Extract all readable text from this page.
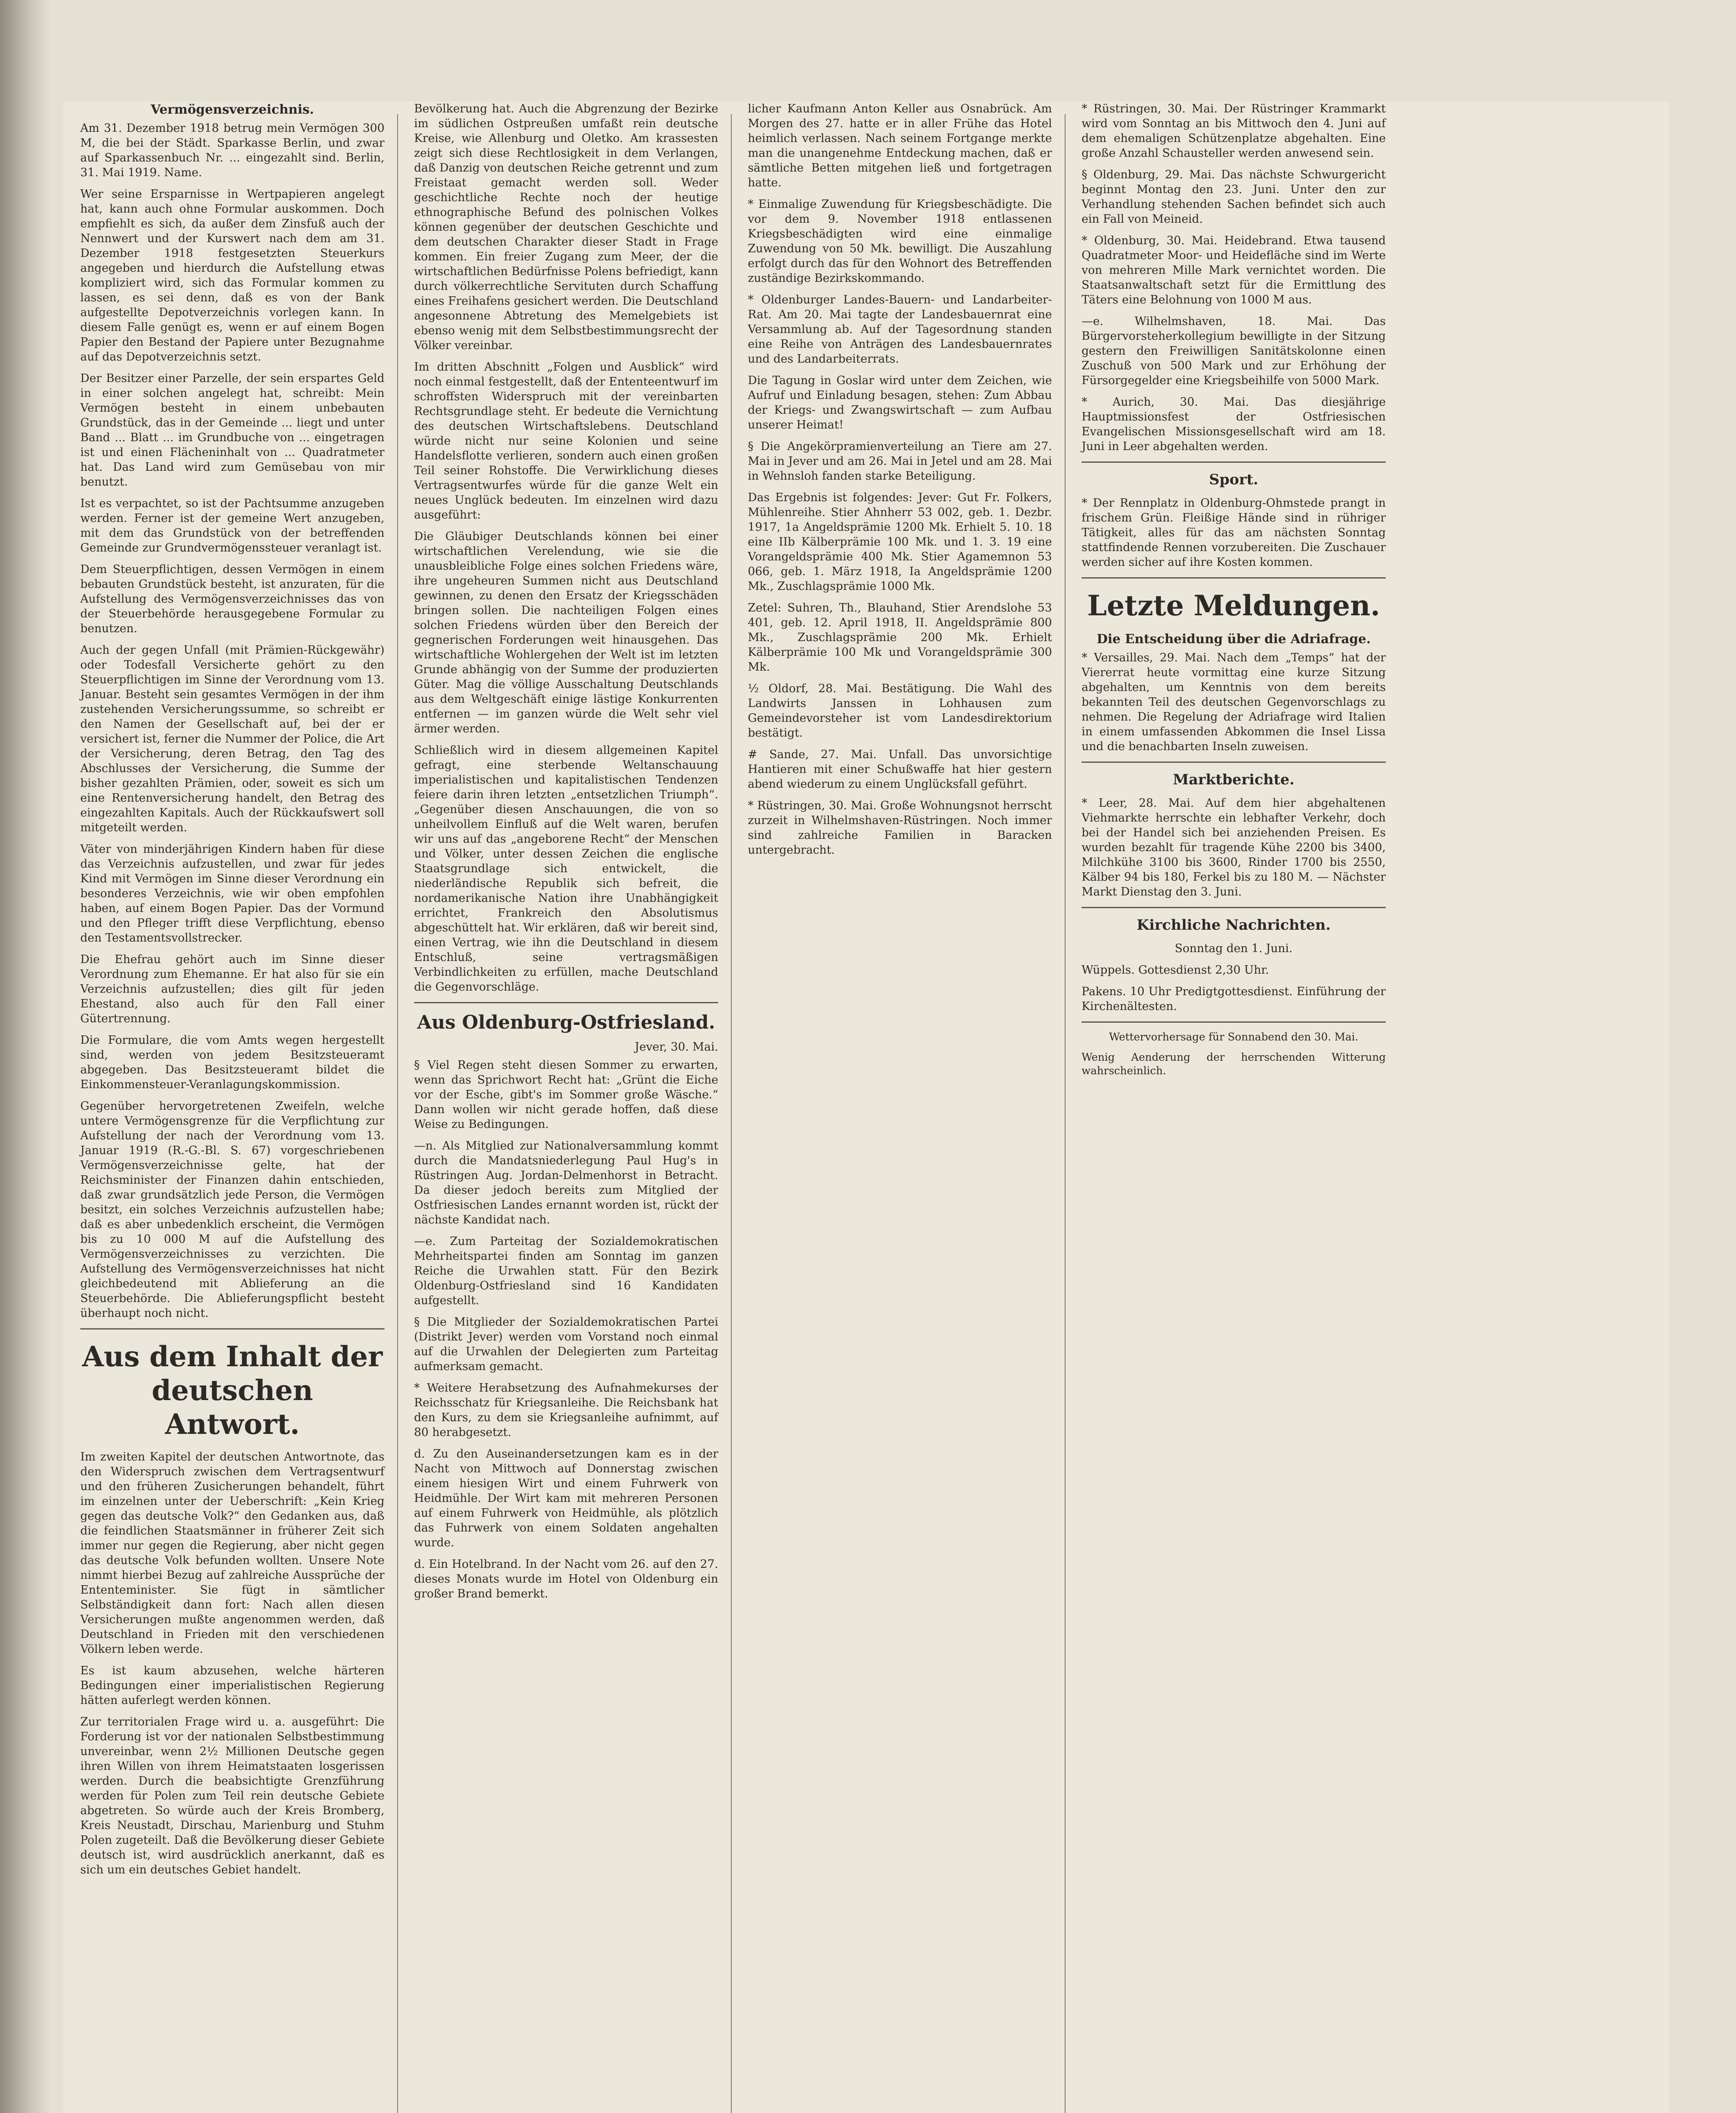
Vermögensverzeichnis.

Am 31. Dezember 1918 betrug mein Vermögen 300 M, die bei der Städt. Sparkasse Berlin, und zwar auf Sparkassenbuch Nr. ... eingezahlt sind. Berlin, 31. Mai 1919. Name.

Wer seine Ersparnisse in Wertpapieren angelegt hat, kann auch ohne Formular auskommen. Doch empfiehlt es sich, da außer dem Zinsfuß auch der Nennwert und der Kurswert nach dem am 31. Dezember 1918 festgesetzten Steuerkurs angegeben und hierdurch die Aufstellung etwas kompliziert wird, sich das Formular kommen zu lassen, es sei denn, daß es von der Bank aufgestellte Depotverzeichnis vorlegen kann. In diesem Falle genügt es, wenn er auf einem Bogen Papier den Bestand der Papiere unter Bezugnahme auf das Depotverzeichnis setzt.

Der Besitzer einer Parzelle, der sein erspartes Geld in einer solchen angelegt hat, schreibt: Mein Vermögen besteht in einem unbebauten Grundstück, das in der Gemeinde ... liegt und unter Band ... Blatt ... im Grundbuche von ... eingetragen ist und einen Flächeninhalt von ... Quadratmeter hat. Das Land wird zum Gemüsebau von mir benutzt.

Ist es verpachtet, so ist der Pachtsumme anzugeben werden. Ferner ist der gemeine Wert anzugeben, mit dem das Grundstück von der betreffenden Gemeinde zur Grundvermögenssteuer veranlagt ist.

Dem Steuerpflichtigen, dessen Vermögen in einem bebauten Grundstück besteht, ist anzuraten, für die Aufstellung des Vermögensverzeichnisses das von der Steuerbehörde herausgegebene Formular zu benutzen.

Auch der gegen Unfall (mit Prämien-Rückgewähr) oder Todesfall Versicherte gehört zu den Steuerpflichtigen im Sinne der Verordnung vom 13. Januar. Besteht sein gesamtes Vermögen in der ihm zustehenden Versicherungssumme, so schreibt er den Namen der Gesellschaft auf, bei der er versichert ist, ferner die Nummer der Police, die Art der Versicherung, deren Betrag, den Tag des Abschlusses der Versicherung, die Summe der bisher gezahlten Prämien, oder, soweit es sich um eine Rentenversicherung handelt, den Betrag des eingezahlten Kapitals. Auch der Rückkaufswert soll mitgeteilt werden.

Väter von minderjährigen Kindern haben für diese das Verzeichnis aufzustellen, und zwar für jedes Kind mit Vermögen im Sinne dieser Verordnung ein besonderes Verzeichnis, wie wir oben empfohlen haben, auf einem Bogen Papier. Das der Vormund und den Pfleger trifft diese Verpflichtung, ebenso den Testamentsvollstrecker.

Die Ehefrau gehört auch im Sinne dieser Verordnung zum Ehemanne. Er hat also für sie ein Verzeichnis aufzustellen; dies gilt für jeden Ehestand, also auch für den Fall einer Gütertrennung.

Die Formulare, die vom Amts wegen hergestellt sind, werden von jedem Besitzsteueramt abgegeben. Das Besitzsteueramt bildet die Einkommensteuer-Veranlagungskommission.

Gegenüber hervorgetretenen Zweifeln, welche untere Vermögensgrenze für die Verpflichtung zur Aufstellung der nach der Verordnung vom 13. Januar 1919 (R.-G.-Bl. S. 67) vorgeschriebenen Vermögensverzeichnisse gelte, hat der Reichsminister der Finanzen dahin entschieden, daß zwar grundsätzlich jede Person, die Vermögen besitzt, ein solches Verzeichnis aufzustellen habe; daß es aber unbedenklich erscheint, die Vermögen bis zu 10 000 M auf die Aufstellung des Vermögensverzeichnisses zu verzichten. Die Aufstellung des Vermögensverzeichnisses hat nicht gleichbedeutend mit Ablieferung an die Steuerbehörde. Die Ablieferungspflicht besteht überhaupt noch nicht.

Aus dem Inhalt der deutschen Antwort.

Im zweiten Kapitel der deutschen Antwortnote, das den Widerspruch zwischen dem Vertragsentwurf und den früheren Zusicherungen behandelt, führt im einzelnen unter der Ueberschrift: „Kein Krieg gegen das deutsche Volk?“ den Gedanken aus, daß die feindlichen Staatsmänner in früherer Zeit sich immer nur gegen die Regierung, aber nicht gegen das deutsche Volk befunden wollten. Unsere Note nimmt hierbei Bezug auf zahlreiche Aussprüche der Ententeminister. Sie fügt in sämtlicher Selbständigkeit dann fort: Nach allen diesen Versicherungen mußte angenommen werden, daß Deutschland in Frieden mit den verschiedenen Völkern leben werde.

Es ist kaum abzusehen, welche härteren Bedingungen einer imperialistischen Regierung hätten auferlegt werden können.

Zur territorialen Frage wird u. a. ausgeführt: Die Forderung ist vor der nationalen Selbstbestimmung unvereinbar, wenn 2½ Millionen Deutsche gegen ihren Willen von ihrem Heimatstaaten losgerissen werden. Durch die beabsichtigte Grenzführung werden für Polen zum Teil rein deutsche Gebiete abgetreten. So würde auch der Kreis Bromberg, Kreis Neustadt, Dirschau, Marienburg und Stuhm Polen zugeteilt. Daß die Bevölkerung dieser Gebiete deutsch ist, wird ausdrücklich anerkannt, daß es sich um ein deutsches Gebiet handelt.

Bevölkerung hat. Auch die Abgrenzung der Bezirke im südlichen Ostpreußen umfaßt rein deutsche Kreise, wie Allenburg und Oletko. Am krassesten zeigt sich diese Rechtlosigkeit in dem Verlangen, daß Danzig von deutschen Reiche getrennt und zum Freistaat gemacht werden soll. Weder geschichtliche Rechte noch der heutige ethnographische Befund des polnischen Volkes können gegenüber der deutschen Geschichte und dem deutschen Charakter dieser Stadt in Frage kommen. Ein freier Zugang zum Meer, der die wirtschaftlichen Bedürfnisse Polens befriedigt, kann durch völkerrechtliche Servituten durch Schaffung eines Freihafens gesichert werden. Die Deutschland angesonnene Abtretung des Memelgebiets ist ebenso wenig mit dem Selbstbestimmungsrecht der Völker vereinbar.

Im dritten Abschnitt „Folgen und Ausblick“ wird noch einmal festgestellt, daß der Ententeentwurf im schroffsten Widerspruch mit der vereinbarten Rechtsgrundlage steht. Er bedeute die Vernichtung des deutschen Wirtschaftslebens. Deutschland würde nicht nur seine Kolonien und seine Handelsflotte verlieren, sondern auch einen großen Teil seiner Rohstoffe. Die Verwirklichung dieses Vertragsentwurfes würde für die ganze Welt ein neues Unglück bedeuten. Im einzelnen wird dazu ausgeführt:

Die Gläubiger Deutschlands können bei einer wirtschaftlichen Verelendung, wie sie die unausbleibliche Folge eines solchen Friedens wäre, ihre ungeheuren Summen nicht aus Deutschland gewinnen, zu denen den Ersatz der Kriegsschäden bringen sollen. Die nachteiligen Folgen eines solchen Friedens würden über den Bereich der gegnerischen Forderungen weit hinausgehen. Das wirtschaftliche Wohlergehen der Welt ist im letzten Grunde abhängig von der Summe der produzierten Güter. Mag die völlige Ausschaltung Deutschlands aus dem Weltgeschäft einige lästige Konkurrenten entfernen — im ganzen würde die Welt sehr viel ärmer werden.

Schließlich wird in diesem allgemeinen Kapitel gefragt, eine sterbende Weltanschauung imperialistischen und kapitalistischen Tendenzen feiere darin ihren letzten „entsetzlichen Triumph“. „Gegenüber diesen Anschauungen, die von so unheilvollem Einfluß auf die Welt waren, berufen wir uns auf das „angeborene Recht“ der Menschen und Völker, unter dessen Zeichen die englische Staatsgrundlage sich entwickelt, die niederländische Republik sich befreit, die nordamerikanische Nation ihre Unabhängigkeit errichtet, Frankreich den Absolutismus abgeschüttelt hat. Wir erklären, daß wir bereit sind, einen Vertrag, wie ihn die Deutschland in diesem Entschluß, seine vertragsmäßigen Verbindlichkeiten zu erfüllen, mache Deutschland die Gegenvorschläge.

Aus Oldenburg-Ostfriesland.
Jever, 30. Mai.

§ Viel Regen steht diesen Sommer zu erwarten, wenn das Sprichwort Recht hat: „Grünt die Eiche vor der Esche, gibt's im Sommer große Wäsche.“ Dann wollen wir nicht gerade hoffen, daß diese Weise zu Bedingungen.

—n. Als Mitglied zur Nationalversammlung kommt durch die Mandatsniederlegung Paul Hug's in Rüstringen Aug. Jordan-Delmenhorst in Betracht. Da dieser jedoch bereits zum Mitglied der Ostfriesischen Landes ernannt worden ist, rückt der nächste Kandidat nach.

—e. Zum Parteitag der Sozialdemokratischen Mehrheitspartei finden am Sonntag im ganzen Reiche die Urwahlen statt. Für den Bezirk Oldenburg-Ostfriesland sind 16 Kandidaten aufgestellt.

§ Die Mitglieder der Sozialdemokratischen Partei (Distrikt Jever) werden vom Vorstand noch einmal auf die Urwahlen der Delegierten zum Parteitag aufmerksam gemacht.

* Weitere Herabsetzung des Aufnahmekurses der Reichsschatz für Kriegsanleihe. Die Reichsbank hat den Kurs, zu dem sie Kriegsanleihe aufnimmt, auf 80 herabgesetzt.

d. Zu den Auseinandersetzungen kam es in der Nacht von Mittwoch auf Donnerstag zwischen einem hiesigen Wirt und einem Fuhrwerk von Heidmühle. Der Wirt kam mit mehreren Personen auf einem Fuhrwerk von Heidmühle, als plötzlich das Fuhrwerk von einem Soldaten angehalten wurde.

d. Ein Hotelbrand. In der Nacht vom 26. auf den 27. dieses Monats wurde im Hotel von Oldenburg ein großer Brand bemerkt.

licher Kaufmann Anton Keller aus Osnabrück. Am Morgen des 27. hatte er in aller Frühe das Hotel heimlich verlassen. Nach seinem Fortgange merkte man die unangenehme Entdeckung machen, daß er sämtliche Betten mitgehen ließ und fortgetragen hatte.

* Einmalige Zuwendung für Kriegsbeschädigte. Die vor dem 9. November 1918 entlassenen Kriegsbeschädigten wird eine einmalige Zuwendung von 50 Mk. bewilligt. Die Auszahlung erfolgt durch das für den Wohnort des Betreffenden zuständige Bezirkskommando.

* Oldenburger Landes-Bauern- und Landarbeiter-Rat. Am 20. Mai tagte der Landesbauernrat eine Versammlung ab. Auf der Tagesordnung standen eine Reihe von Anträgen des Landesbauernrates und des Landarbeiterrats.

Die Tagung in Goslar wird unter dem Zeichen, wie Aufruf und Einladung besagen, stehen: Zum Abbau der Kriegs- und Zwangswirtschaft — zum Aufbau unserer Heimat!

§ Die Angekörpramienverteilung an Tiere am 27. Mai in Jever und am 26. Mai in Jetel und am 28. Mai in Wehnsloh fanden starke Beteiligung.

Das Ergebnis ist folgendes: Jever: Gut Fr. Folkers, Mühlenreihe. Stier Ahnherr 53 002, geb. 1. Dezbr. 1917, 1a Angeldsprämie 1200 Mk. Erhielt 5. 10. 18 eine IIb Kälberprämie 100 Mk. und 1. 3. 19 eine Vorangeldsprämie 400 Mk. Stier Agamemnon 53 066, geb. 1. März 1918, Ia Angeldsprämie 1200 Mk., Zuschlagsprämie 1000 Mk.

Zetel: Suhren, Th., Blauhand, Stier Arendslohe 53 401, geb. 12. April 1918, II. Angeldsprämie 800 Mk., Zuschlagsprämie 200 Mk. Erhielt Kälberprämie 100 Mk und Vorangeldsprämie 300 Mk.

½ Oldorf, 28. Mai. Bestätigung. Die Wahl des Landwirts Janssen in Lohhausen zum Gemeindevorsteher ist vom Landesdirektorium bestätigt.

# Sande, 27. Mai. Unfall. Das unvorsichtige Hantieren mit einer Schußwaffe hat hier gestern abend wiederum zu einem Unglücksfall geführt.

* Rüstringen, 30. Mai. Große Wohnungsnot herrscht zurzeit in Wilhelmshaven-Rüstringen. Noch immer sind zahlreiche Familien in Baracken untergebracht.

* Rüstringen, 30. Mai. Der Rüstringer Krammarkt wird vom Sonntag an bis Mittwoch den 4. Juni auf dem ehemaligen Schützenplatze abgehalten. Eine große Anzahl Schausteller werden anwesend sein.

§ Oldenburg, 29. Mai. Das nächste Schwurgericht beginnt Montag den 23. Juni. Unter den zur Verhandlung stehenden Sachen befindet sich auch ein Fall von Meineid.

* Oldenburg, 30. Mai. Heidebrand. Etwa tausend Quadratmeter Moor- und Heidefläche sind im Werte von mehreren Mille Mark vernichtet worden. Die Staatsanwaltschaft setzt für die Ermittlung des Täters eine Belohnung von 1000 M aus.

—e. Wilhelmshaven, 18. Mai. Das Bürgervorsteherkollegium bewilligte in der Sitzung gestern den Freiwilligen Sanitätskolonne einen Zuschuß von 500 Mark und zur Erhöhung der Fürsorgegelder eine Kriegsbeihilfe von 5000 Mark.

* Aurich, 30. Mai. Das diesjährige Hauptmissionsfest der Ostfriesischen Evangelischen Missionsgesellschaft wird am 18. Juni in Leer abgehalten werden.

Sport.

* Der Rennplatz in Oldenburg-Ohmstede prangt in frischem Grün. Fleißige Hände sind in rühriger Tätigkeit, alles für das am nächsten Sonntag stattfindende Rennen vorzubereiten. Die Zuschauer werden sicher auf ihre Kosten kommen.

Letzte Meldungen.
Die Entscheidung über die Adriafrage.

* Versailles, 29. Mai. Nach dem „Temps“ hat der Viererrat heute vormittag eine kurze Sitzung abgehalten, um Kenntnis von dem bereits bekannten Teil des deutschen Gegenvorschlags zu nehmen. Die Regelung der Adriafrage wird Italien in einem umfassenden Abkommen die Insel Lissa und die benachbarten Inseln zuweisen.

Marktberichte.

* Leer, 28. Mai. Auf dem hier abgehaltenen Viehmarkte herrschte ein lebhafter Verkehr, doch bei der Handel sich bei anziehenden Preisen. Es wurden bezahlt für tragende Kühe 2200 bis 3400, Milchkühe 3100 bis 3600, Rinder 1700 bis 2550, Kälber 94 bis 180, Ferkel bis zu 180 M. — Nächster Markt Dienstag den 3. Juni.

Kirchliche Nachrichten.

Sonntag den 1. Juni.

Wüppels. Gottesdienst 2,30 Uhr.

Pakens. 10 Uhr Predigtgottesdienst. Einführung der Kirchenältesten.

Wettervorhersage für Sonnabend den 30. Mai.

Wenig Aenderung der herrschenden Witterung wahrscheinlich.
